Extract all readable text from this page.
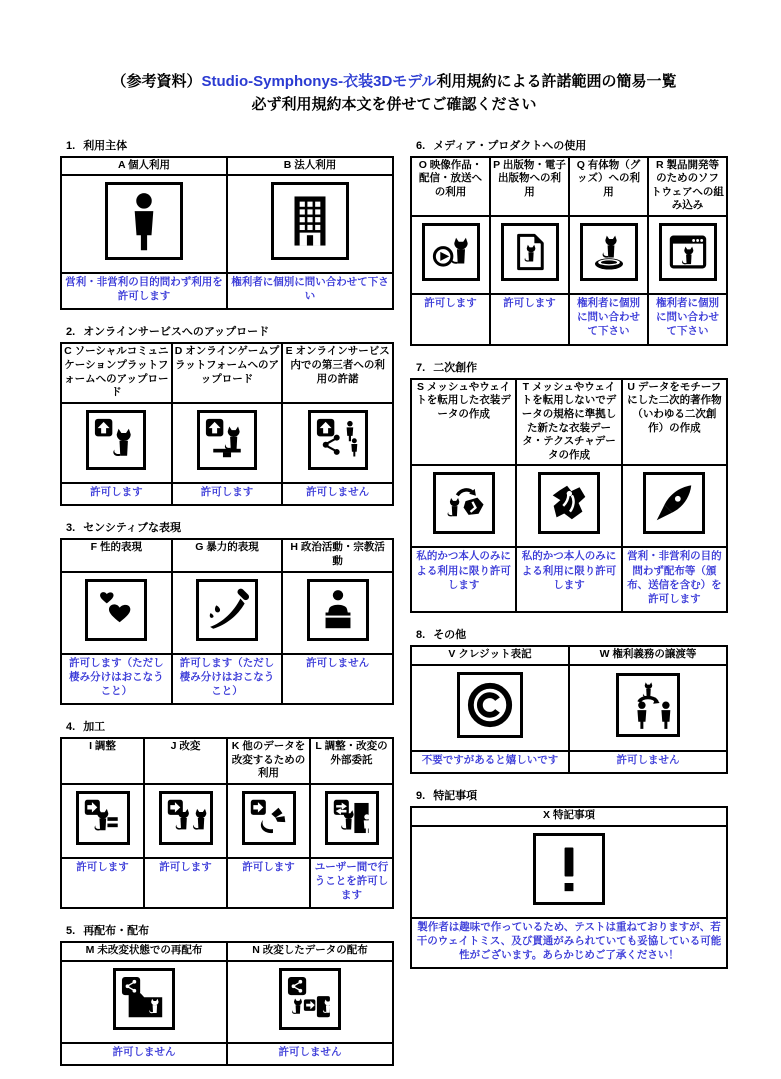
（参考資料）Studio-Symphonys-衣装3Dモデル利用規約による許諾範囲の簡易一覧
必ず利用規約本文を併せてご確認ください
1. 利用主体
A 個人利用	B 法人利用

営利・非営利の目的問わず利用を許可します	権利者に個別に問い合わせて下さい
2. オンラインサービスへのアップロード
C ソーシャルコミュニケーションプラットフォームへのアップロード	D オンラインゲームプラットフォームへのアップロード	E オンラインサービス内での第三者への利用の許諾

許可します	許可します	許可しません
3. センシティブな表現
F 性的表現	G 暴力的表現	H 政治活動・宗教活動

許可します（ただし棲み分けはおこなうこと）	許可します（ただし棲み分けはおこなうこと）	許可しません
4. 加工
I 調整	J 改変	K 他のデータを改変するための利用	L 調整・改変の外部委託

許可します	許可します	許可します	ユーザー間で行うことを許可します
5. 再配布・配布
M 未改変状態での再配布	N 改変したデータの配布

許可しません	許可しません
6. メディア・プロダクトへの使用
O 映像作品・配信・放送への利用	P 出版物・電子出版物への利用	Q 有体物（グッズ）への利用	R 製品開発等のためのソフトウェアへの組み込み

許可します	許可します	権利者に個別に問い合わせて下さい	権利者に個別に問い合わせて下さい
7. 二次創作
S メッシュやウェイトを転用した衣装データの作成	T メッシュやウェイトを転用しないでデータの規格に準拠した新たな衣装データ・テクスチャデータの作成	U データをモチーフにした二次的著作物（いわゆる二次創作）の作成

私的かつ本人のみによる利用に限り許可します	私的かつ本人のみによる利用に限り許可します	営利・非営利の目的問わず配布等（頒布、送信を含む）を許可します
8. その他
V クレジット表記	W 権利義務の譲渡等

不要ですがあると嬉しいです	許可しません
9. 特記事項
X 特記事項

製作者は趣味で作っているため、テストは重ねておりますが、若干のウェイトミス、及び貫通がみられていても妥協している可能性がございます。あらかじめご了承ください！
